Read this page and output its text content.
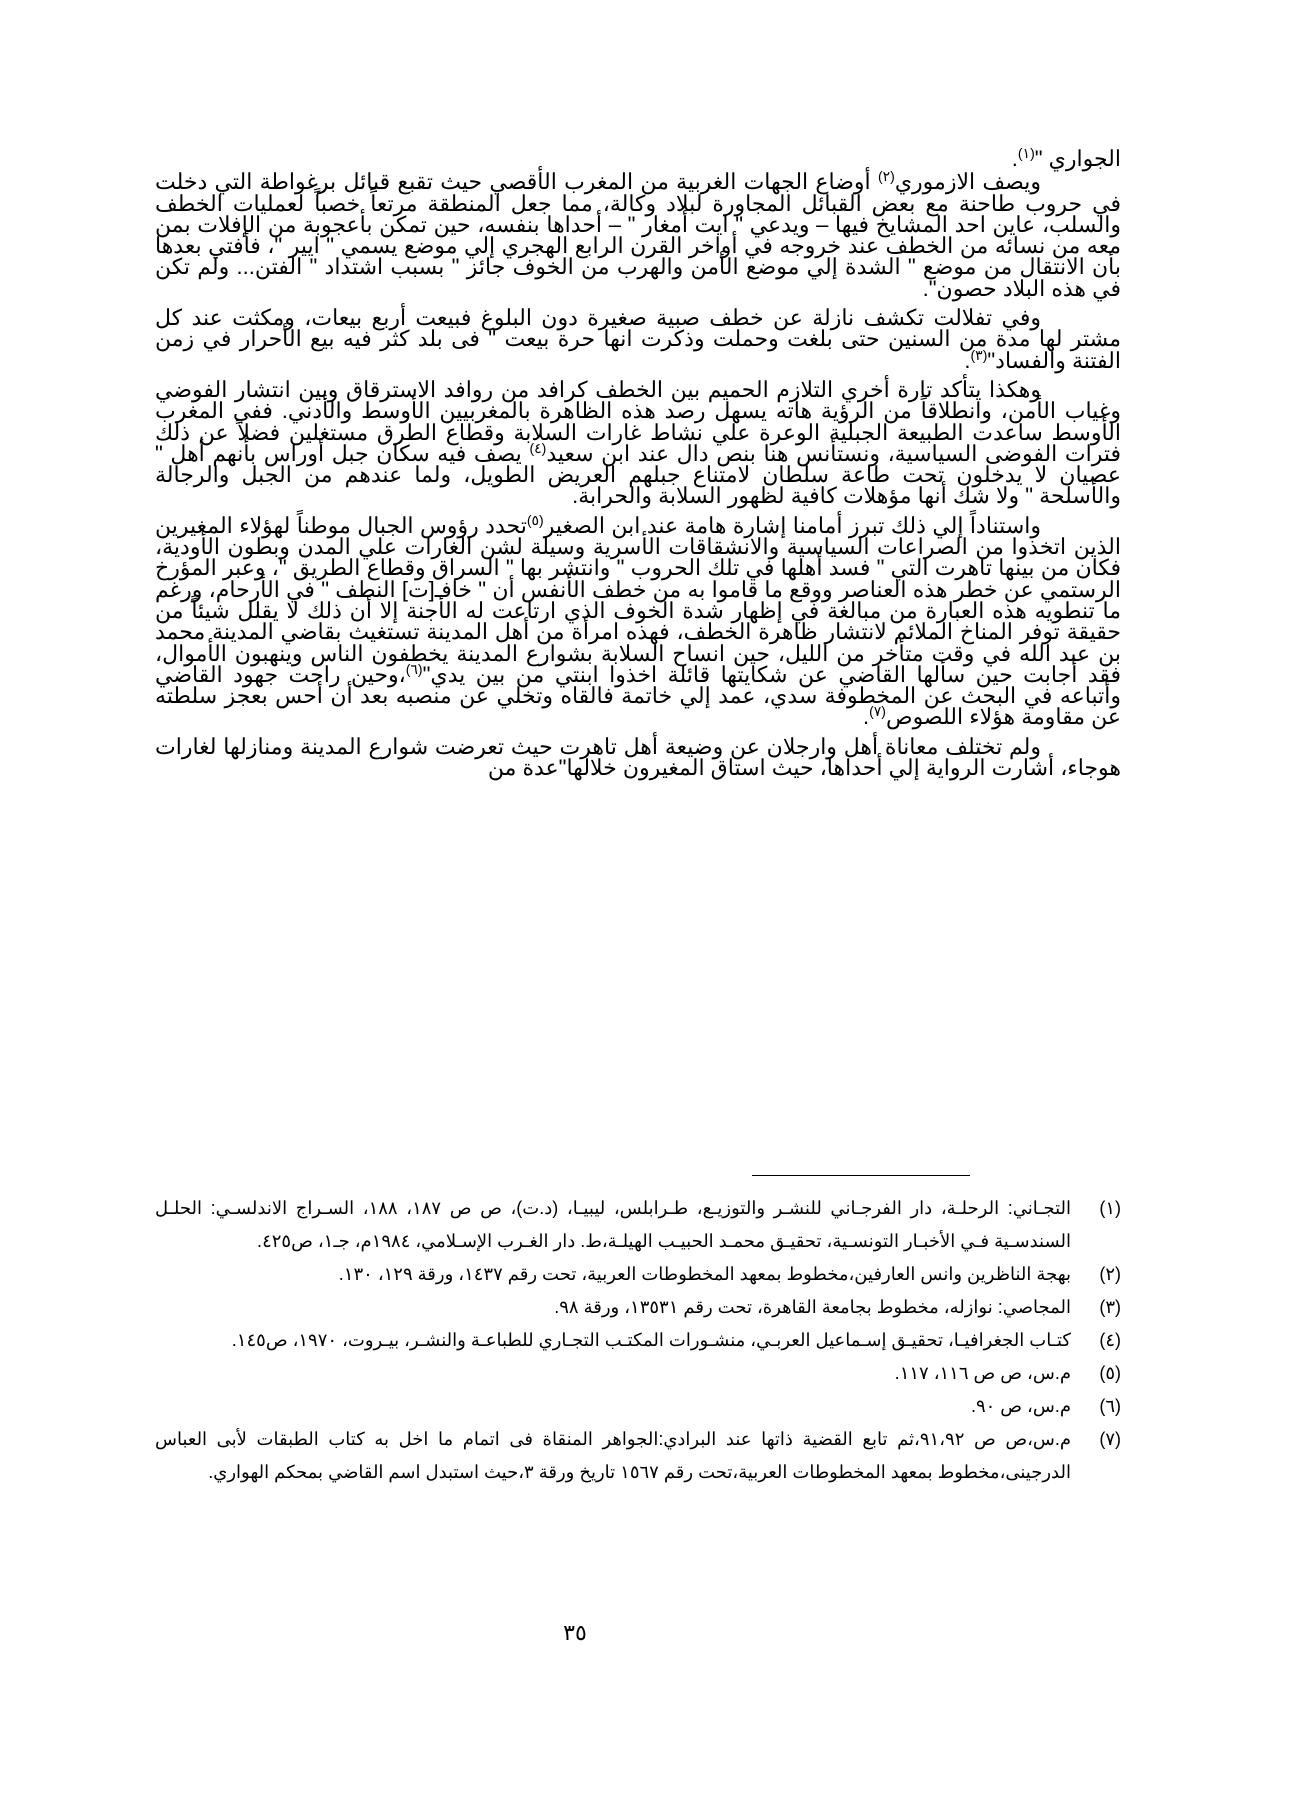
الجواري "$^{(١)}$.

ويصف الازموري$^{(٢)}$ أوضاع الجهات الغربية من المغرب الأقصي حيث تقبع قبائل برغواطة التي دخلت في حروب طاحنة مع بعض القبائل المجاورة لبلاد وكالة، مما جعل المنطقة مرتعاً خصباً لعمليات الخطف والسلب، عاين احد المشايخ فيها – ويدعي " ايت أمغار " – أحداها بنفسه، حين تمكن بأعجوبة من الإفلات بمن معه من نسائه من الخطف عند خروجه في أواخر القرن الرابع الهجري إلي موضع يسمي " ايير "، فأفتي بعدها بأن الانتقال من موضع " الشدة إلي موضع الأمن والهرب من الخوف جائز " بسبب اشتداد " الفتن... ولم تكن في هذه البلاد حصون".

وفي تفلالت تكشف نازلة عن خطف صبية صغيرة دون البلوغ فبيعت أربع بيعات، ومكثت عند كل مشتر لها مدة من السنين حتى بلغت وحملت وذكرت انها حرة بيعت " فى بلد كثر فيه بيع الأحرار في زمن الفتنة والفساد"$^{(٣)}$.

وهكذا يتأكد تارة أخري التلازم الحميم بين الخطف كرافد من روافد الاسترقاق وبين انتشار الفوضي وغياب الأمن، وانطلاقاً من الرؤية هاته يسهل رصد هذه الظاهرة بالمغربيين الأوسط والأدني. ففي المغرب الأوسط ساعدت الطبيعة الجبلية الوعرة علي نشاط غارات السلابة وقطاع الطرق مستغلين فضلاً عن ذلك فترات الفوضى السياسية، ونستأنس هنا بنص دال عند ابن سعيد$^{(٤)}$ يصف فيه سكان جبل أوراس بأنهم أهل " عصيان لا يدخلون تحت طاعة سلطان لامتناع جبلهم العريض الطويل، ولما عندهم من الجبل والرجالة والأسلحة " ولا شك أنها مؤهلات كافية لظهور السلابة والحرابة.

واستناداً إلي ذلك تبرز أمامنا إشارة هامة عند ابن الصغير$^{(٥)}$تحدد رؤوس الجبال موطناً لهؤلاء المغيرين الذين اتخذوا من الصراعات السياسية والانشقاقات الأسرية وسيلة لشن الغارات علي المدن وبطون الأودية، فكان من بينها تاهرت التي " فسد أهلها في تلك الحروب " وانتشر بها " السراق وقطاع الطريق "، وعبر المؤرخ الرستمي عن خطر هذه العناصر ووقع ما قاموا به من خطف الأنفس أن " خافـ[ت] النطف " في الأرحام، ورغم ما تنطويه هذه العبارة من مبالغة في إظهار شدة الخوف الذي ارتاعت له الأجنة إلا أن ذلك لا يقلل شيئاً من حقيقة توفر المناخ الملائم لانتشار ظاهرة الخطف، فهذه امرأة من أهل المدينة تستغيث بقاضي المدينة محمد بن عبد الله في وقت متأخر من الليل، حين انساح السلابة بشوارع المدينة يخطفون الناس وينهبون الأموال، فقد أجابت حين سألها القاضي عن شكايتها قائلة اخذوا ابنتي من بين يدي"$^{(٦)}$،وحين راحت جهود القاضي وأتباعه في البحث عن المخطوفة سدي، عمد إلي خاتمة فالقاه وتخلي عن منصبه بعد أن أحس بعجز سلطته عن مقاومة هؤلاء اللصوص$^{(٧)}$.

ولم تختلف معاناة أهل وارجلان عن وضيعة أهل تاهرت حيث تعرضت شوارع المدينة ومنازلها لغارات هوجاء، أشارت الرواية إلي أحداها، حيث استاق المغيرون خلالها"عدة من

(١)
التجـاني: الرحلـة، دار الفرجـاني للنشـر والتوزيـع، طـرابلس، ليبيـا، (د.ت)، ص ص ١٨٧، ١٨٨، السـراج الاندلسـي: الحلـل السندسـية فـي الأخبـار التونسـية، تحقيـق محمـد الحبيـب الهيلـة،ط. دار الغـرب الإسـلامي، ١٩٨٤م، جـ١، ص٤٢٥.
(٢)
بهجة الناظرين وانس العارفين،مخطوط بمعهد المخطوطات العربية، تحت رقم ١٤٣٧، ورقة ١٢٩، ١٣٠.
(٣)
المجاصي: نوازله، مخطوط بجامعة القاهرة، تحت رقم ١٣٥٣١، ورقة ٩٨.
(٤)
كتـاب الجغرافيـا، تحقيـق إسـماعيل العربـي، منشـورات المكتـب التجـاري للطباعـة والنشـر، بيـروت، ١٩٧٠، ص١٤٥.
(٥)
م.س، ص ص ١١٦، ١١٧.
(٦)
م.س، ص ٩٠.
(٧)
م.س،ص ص ٩١،٩٢،ثم تابع القضية ذاتها عند البرادي:الجواهر المنقاة فى اتمام ما اخل به كتاب الطبقات لأبى العباس الدرجينى،مخطوط بمعهد المخطوطات العربية،تحت رقم ١٥٦٧ تاريخ ورقة ٣،حيث استبدل اسم القاضي بمحكم الهواري.
٣٥
